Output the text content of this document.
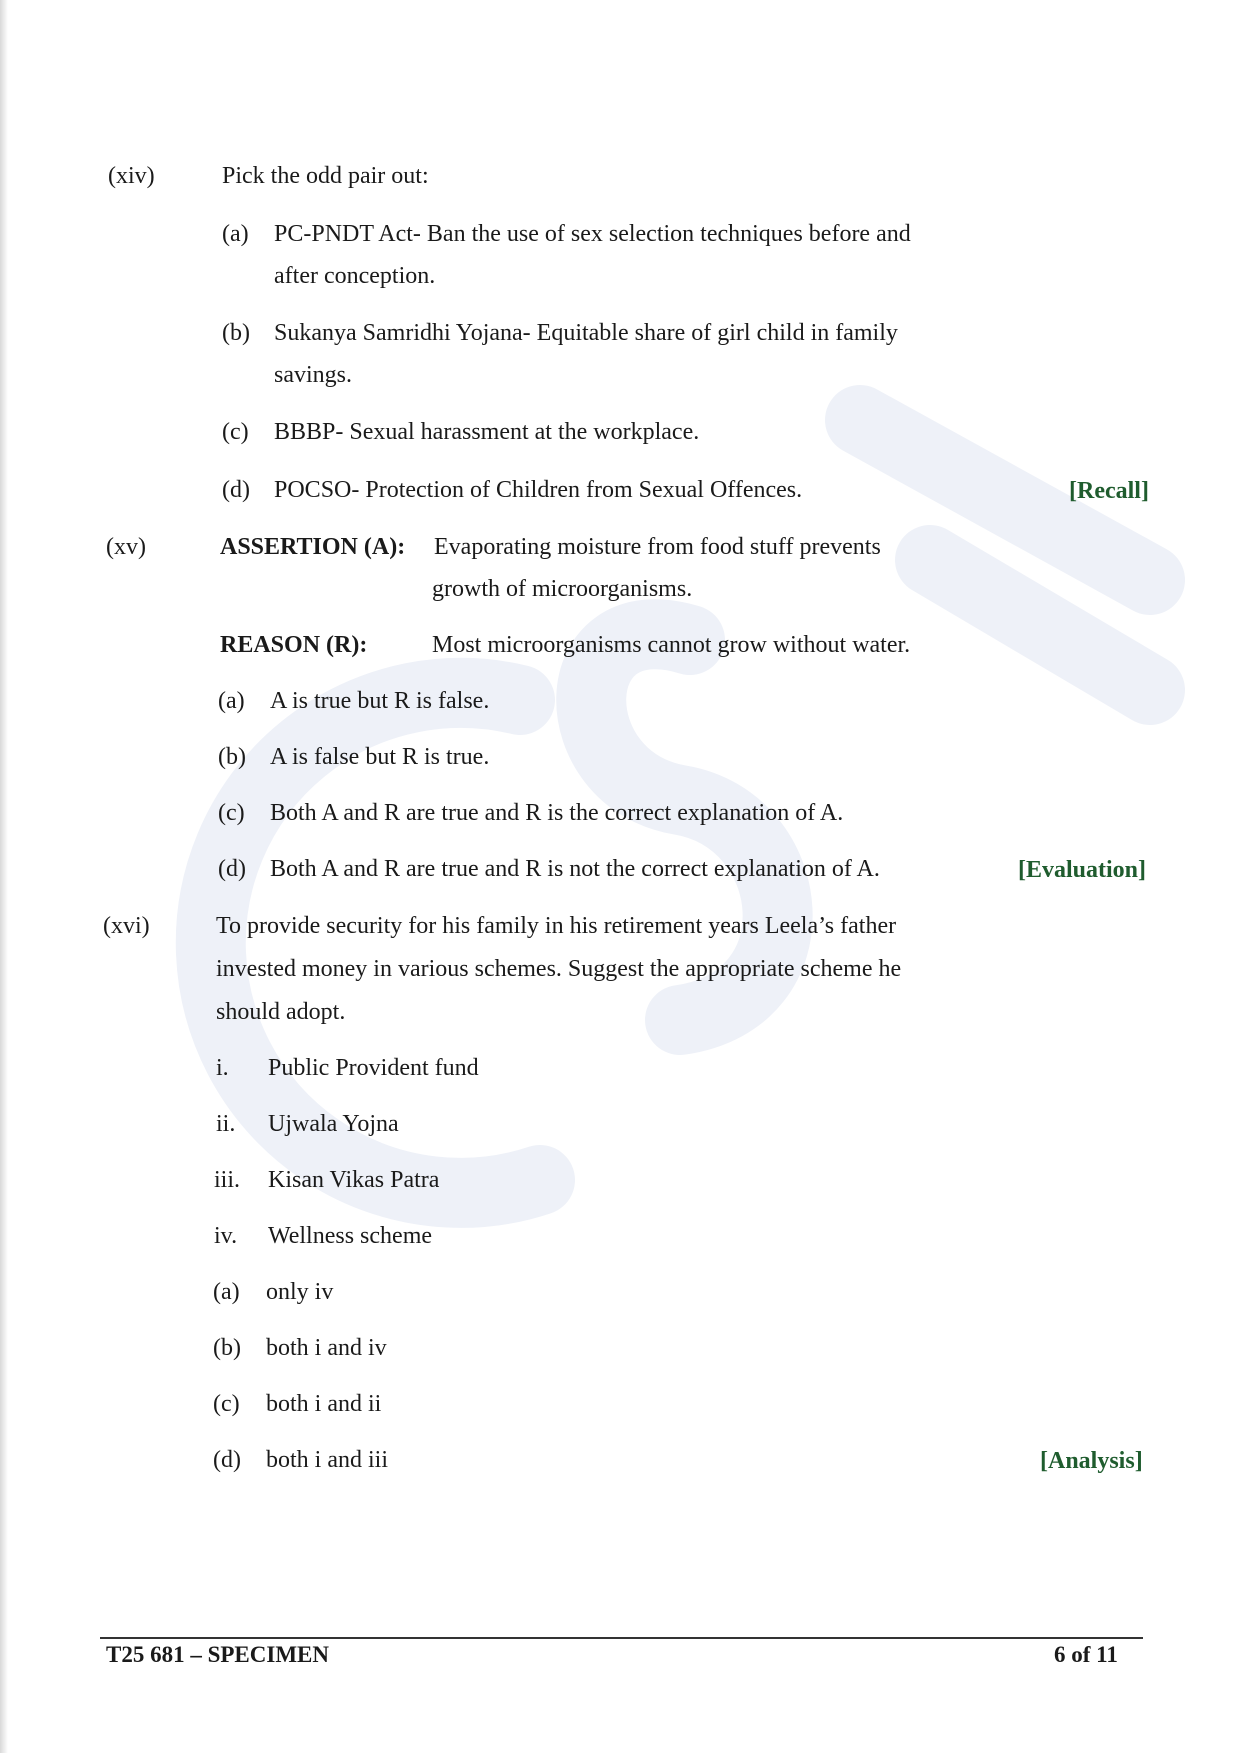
(xiv)	Pick the odd pair out:
(a) PC-PNDT Act- Ban the use of sex selection techniques before and
after conception.
(b) Sukanya Samridhi Yojana- Equitable share of girl child in family
savings.
(c) BBBP- Sexual harassment at the workplace.
(d) POCSO- Protection of Children from Sexual Offences.	[Recall]
(xv)	ASSERTION (A): Evaporating moisture from food stuff prevents
growth of microorganisms.
REASON (R):	Most microorganisms cannot grow without water.
(a) A is true but R is false.
(b) A is false but R is true.
(c) Both A and R are true and R is the correct explanation of A.
(d) Both A and R are true and R is not the correct explanation of A.	[Evaluation]
(xvi)	To provide security for his family in his retirement years Leela’s father
invested money in various schemes. Suggest the appropriate scheme he
should adopt.
i. Public Provident fund
ii. Ujwala Yojna
iii. Kisan Vikas Patra
iv. Wellness scheme
(a) only iv
(b) both i and iv
(c) both i and ii
(d) both i and iii	[Analysis]
T25 681 – SPECIMEN	6 of 11
